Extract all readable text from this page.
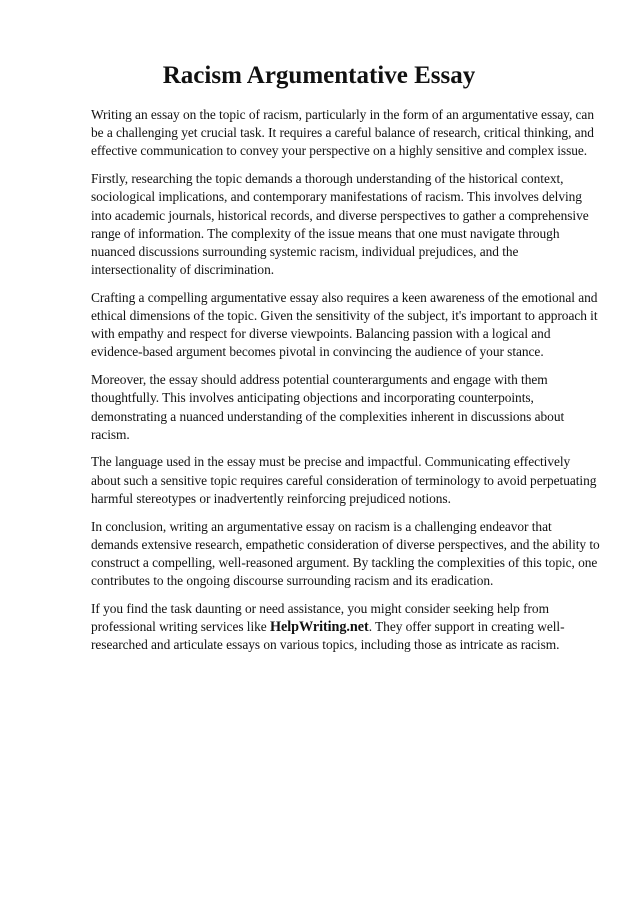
Racism Argumentative Essay

Writing an essay on the topic of racism, particularly in the form of an argumentative essay, can be a challenging yet crucial task. It requires a careful balance of research, critical thinking, and effective communication to convey your perspective on a highly sensitive and complex issue.

Firstly, researching the topic demands a thorough understanding of the historical context, sociological implications, and contemporary manifestations of racism. This involves delving into academic journals, historical records, and diverse perspectives to gather a comprehensive range of information. The complexity of the issue means that one must navigate through nuanced discussions surrounding systemic racism, individual prejudices, and the intersectionality of discrimination.

Crafting a compelling argumentative essay also requires a keen awareness of the emotional and ethical dimensions of the topic. Given the sensitivity of the subject, it's important to approach it with empathy and respect for diverse viewpoints. Balancing passion with a logical and evidence-based argument becomes pivotal in convincing the audience of your stance.

Moreover, the essay should address potential counterarguments and engage with them thoughtfully. This involves anticipating objections and incorporating counterpoints, demonstrating a nuanced understanding of the complexities inherent in discussions about racism.

The language used in the essay must be precise and impactful. Communicating effectively about such a sensitive topic requires careful consideration of terminology to avoid perpetuating harmful stereotypes or inadvertently reinforcing prejudiced notions.

In conclusion, writing an argumentative essay on racism is a challenging endeavor that demands extensive research, empathetic consideration of diverse perspectives, and the ability to construct a compelling, well-reasoned argument. By tackling the complexities of this topic, one contributes to the ongoing discourse surrounding racism and its eradication.

If you find the task daunting or need assistance, you might consider seeking help from professional writing services like HelpWriting.net. They offer support in creating well-researched and articulate essays on various topics, including those as intricate as racism.
